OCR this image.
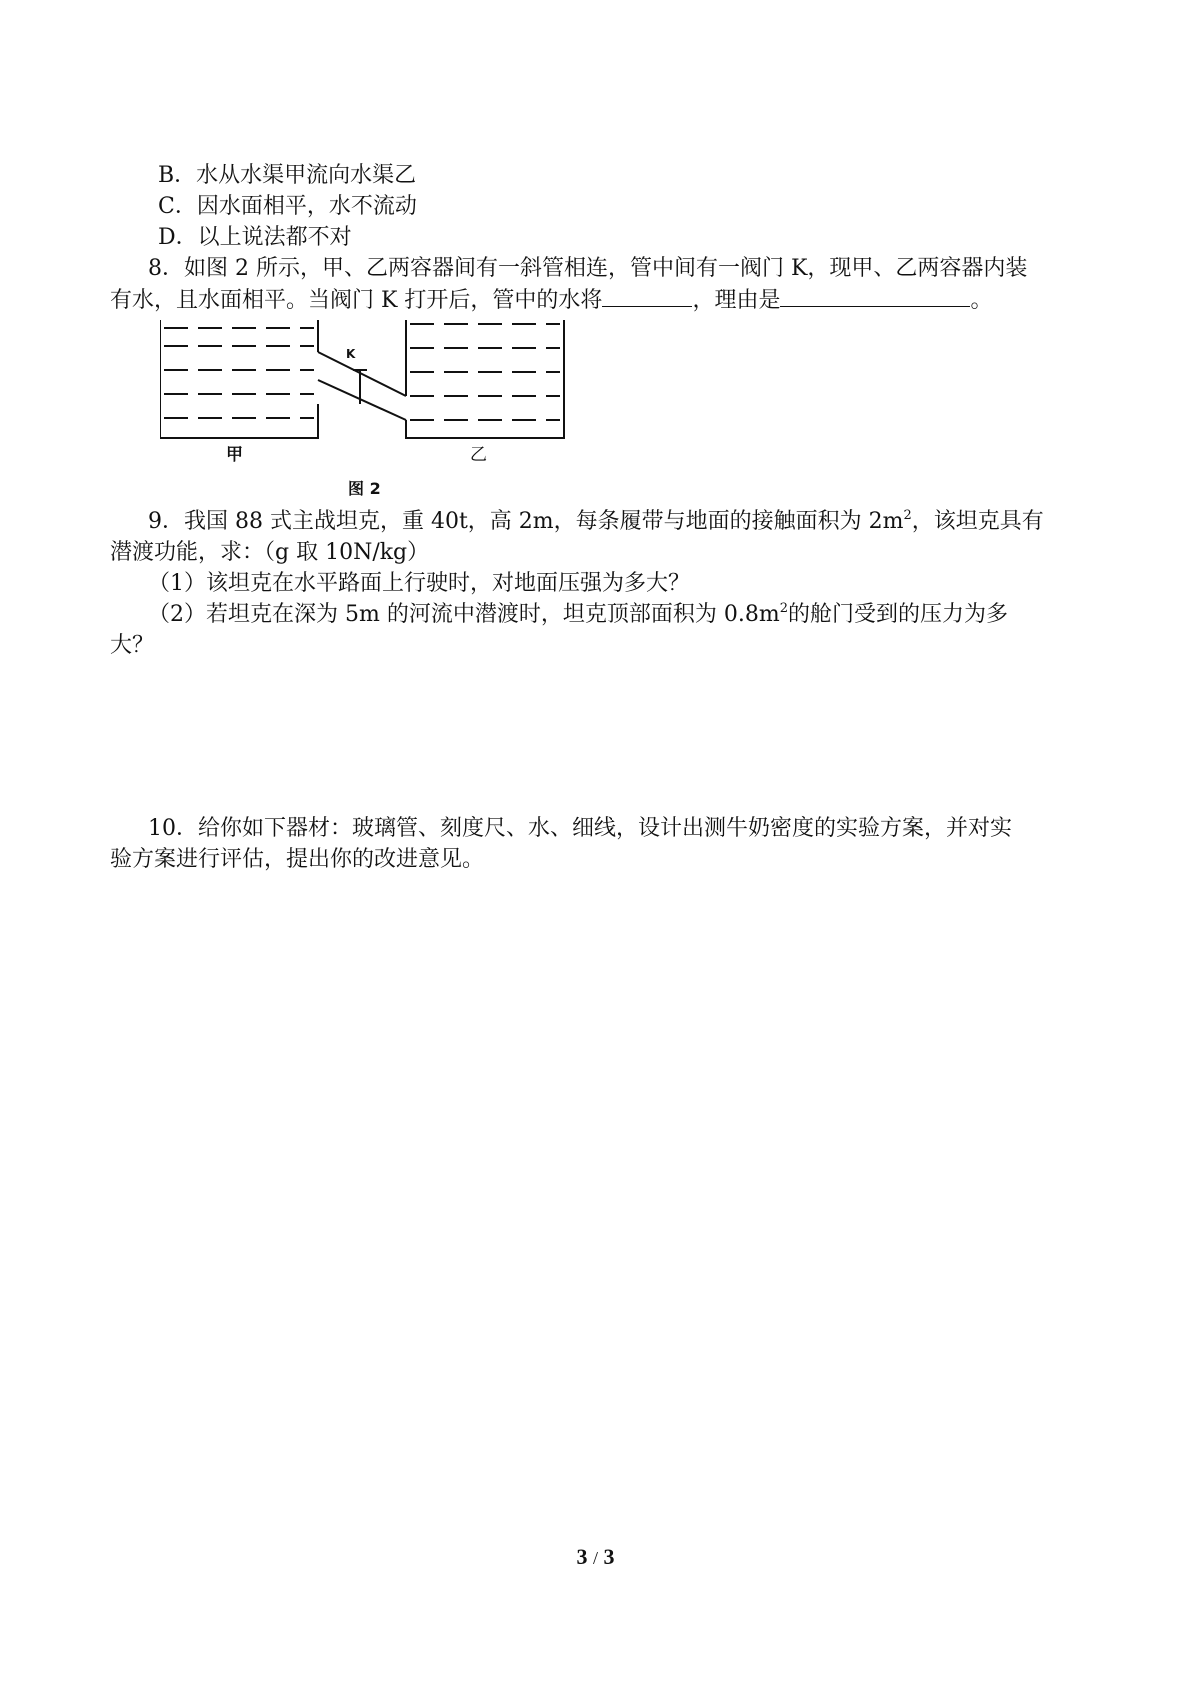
B．水从水渠甲流向水渠乙
C．因水面相平，水不流动
D．以上说法都不对
8．如图 2 所示，甲、乙两容器间有一斜管相连，管中间有一阀门 K，现甲、乙两容器内装
有水，且水面相平。当阀门 K 打开后，管中的水将	，理由是	。
K
甲	乙
图 2
9．我国 88 式主战坦克，重 40t，高 2m，每条履带与地面的接触面积为 $2m^2$，该坦克具有
潜渡功能，求：（g 取 10N/kg）
（1）该坦克在水平路面上行驶时，对地面压强为多大？
（2）若坦克在深为 5m 的河流中潜渡时，坦克顶部面积为 $0.8m^2$的舱门受到的压力为多
大？
10．给你如下器材：玻璃管、刻度尺、水、细线，设计出测牛奶密度的实验方案，并对实
验方案进行评估，提出你的改进意见。
3 / 3
